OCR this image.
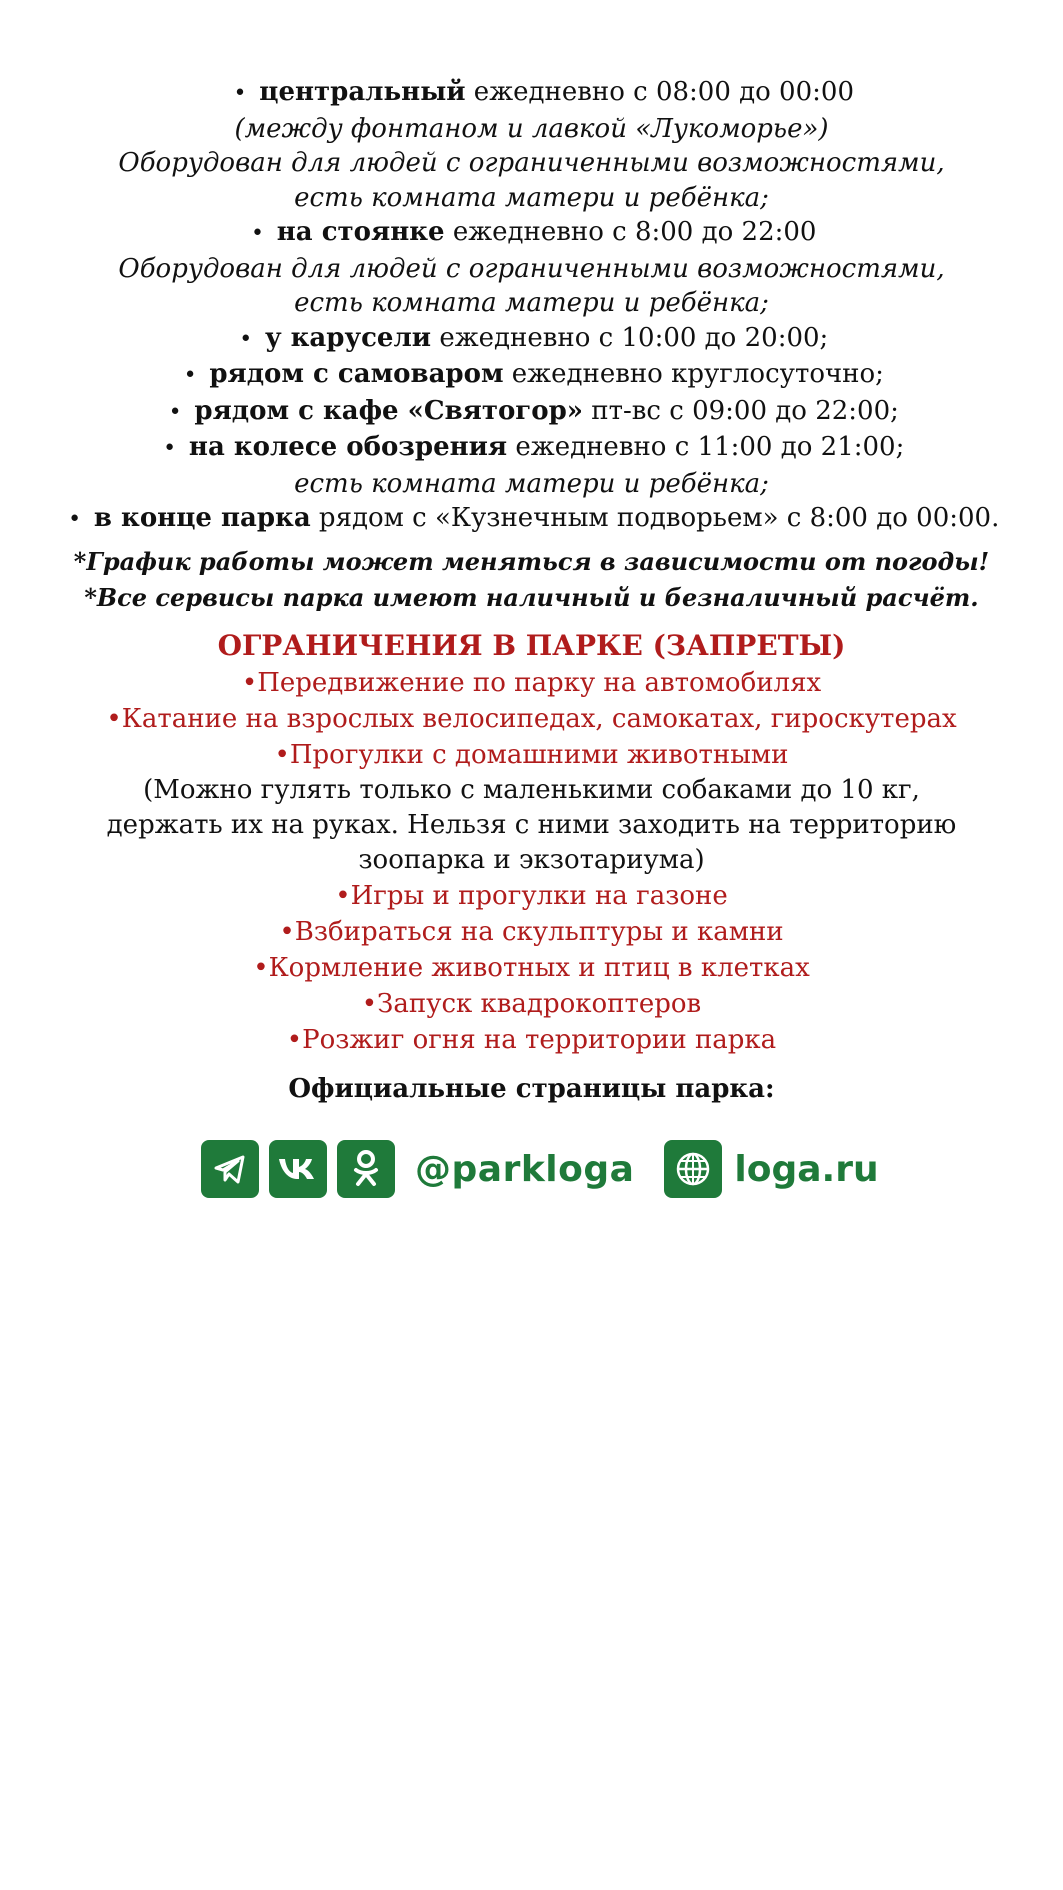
• центральный ежедневно с 08:00 до 00:00
(между фонтаном и лавкой «Лукоморье»)
Оборудован для людей с ограниченными возможностями,
есть комната матери и ребёнка;
• на стоянке ежедневно с 8:00 до 22:00
Оборудован для людей с ограниченными возможностями,
есть комната матери и ребёнка;
• у карусели ежедневно с 10:00 до 20:00;
• рядом с самоваром ежедневно круглосуточно;
• рядом с кафе «Святогор» пт-вс с 09:00 до 22:00;
• на колесе обозрения ежедневно с 11:00 до 21:00;
есть комната матери и ребёнка;
• в конце парка рядом с «Кузнечным подворьем» с 8:00 до 00:00.
*График работы может меняться в зависимости от погоды!
*Все сервисы парка имеют наличный и безналичный расчёт.
ОГРАНИЧЕНИЯ В ПАРКЕ (ЗАПРЕТЫ)
•Передвижение по парку на автомобилях
•Катание на взрослых велосипедах, самокатах, гироскутерах
•Прогулки с домашними животными
(Можно гулять только с маленькими собаками до 10 кг,
держать их на руках. Нельзя с ними заходить на территорию
зоопарка и экзотариума)
•Игры и прогулки на газоне
•Взбираться на скульптуры и камни
•Кормление животных и птиц в клетках
•Запуск квадрокоптеров
•Розжиг огня на территории парка
Официальные страницы парка:
@parkloga	loga.ru
